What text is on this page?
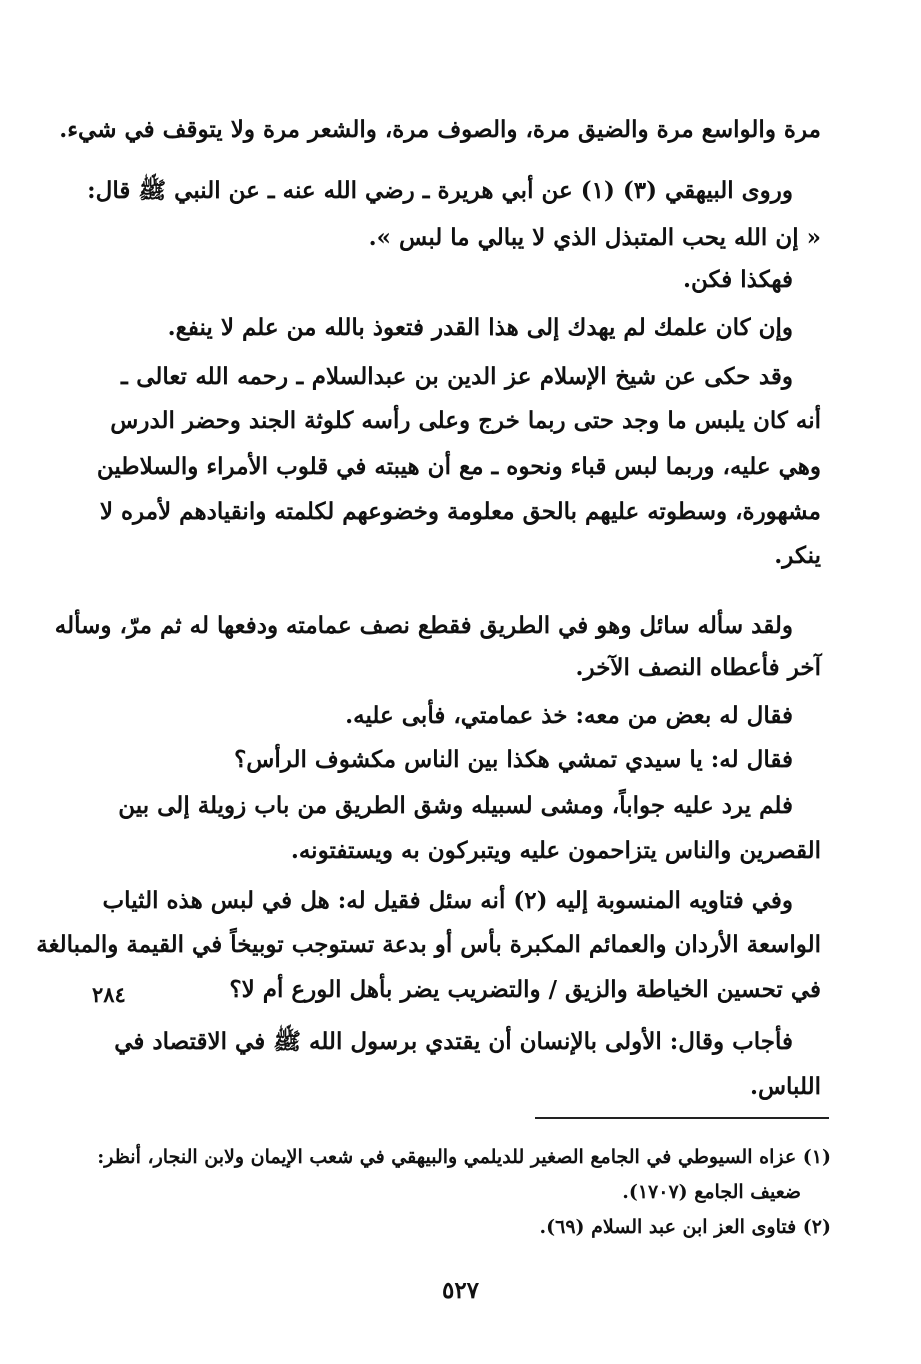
مرة والواسع مرة والضيق مرة، والصوف مرة، والشعر مرة ولا يتوقف في شيء.
وروى البيهقي (٣) (١) عن أبي هريرة ـ رضي الله عنه ـ عن النبي ﷺ قال:
« إن الله يحب المتبذل الذي لا يبالي ما لبس ».
فهكذا فكن.
وإن كان علمك لم يهدك إلى هذا القدر فتعوذ بالله من علم لا ينفع.
وقد حكى عن شيخ الإسلام عز الدين بن عبدالسلام ـ رحمه الله تعالى ـ
أنه كان يلبس ما وجد حتى ربما خرج وعلى رأسه كلوثة الجند وحضر الدرس
وهي عليه، وربما لبس قباء ونحوه ـ مع أن هيبته في قلوب الأمراء والسلاطين
مشهورة، وسطوته عليهم بالحق معلومة وخضوعهم لكلمته وانقيادهم لأمره لا
ينكر.
ولقد سأله سائل وهو في الطريق فقطع نصف عمامته ودفعها له ثم مرّ، وسأله
آخر فأعطاه النصف الآخر.
فقال له بعض من معه: خذ عمامتي، فأبى عليه.
فقال له: يا سيدي تمشي هكذا بين الناس مكشوف الرأس؟
فلم يرد عليه جواباً، ومشى لسبيله وشق الطريق من باب زويلة إلى بين
القصرين والناس يتزاحمون عليه ويتبركون به ويستفتونه.
وفي فتاويه المنسوبة إليه (٢) أنه سئل فقيل له: هل في لبس هذه الثياب
الواسعة الأردان والعمائم المكبرة بأس أو بدعة تستوجب توبيخاً في القيمة والمبالغة
في تحسين الخياطة والزيق / والتضريب يضر بأهل الورع أم لا؟
فأجاب وقال: الأولى بالإنسان أن يقتدي برسول الله ﷺ في الاقتصاد في
اللباس.
٢٨٤
(١) عزاه السيوطي في الجامع الصغير للديلمي والبيهقي في شعب الإيمان ولابن النجار، أنظر:
ضعيف الجامع (١٧٠٧).
(٢) فتاوى العز ابن عبد السلام (٦٩).
٥٢٧
